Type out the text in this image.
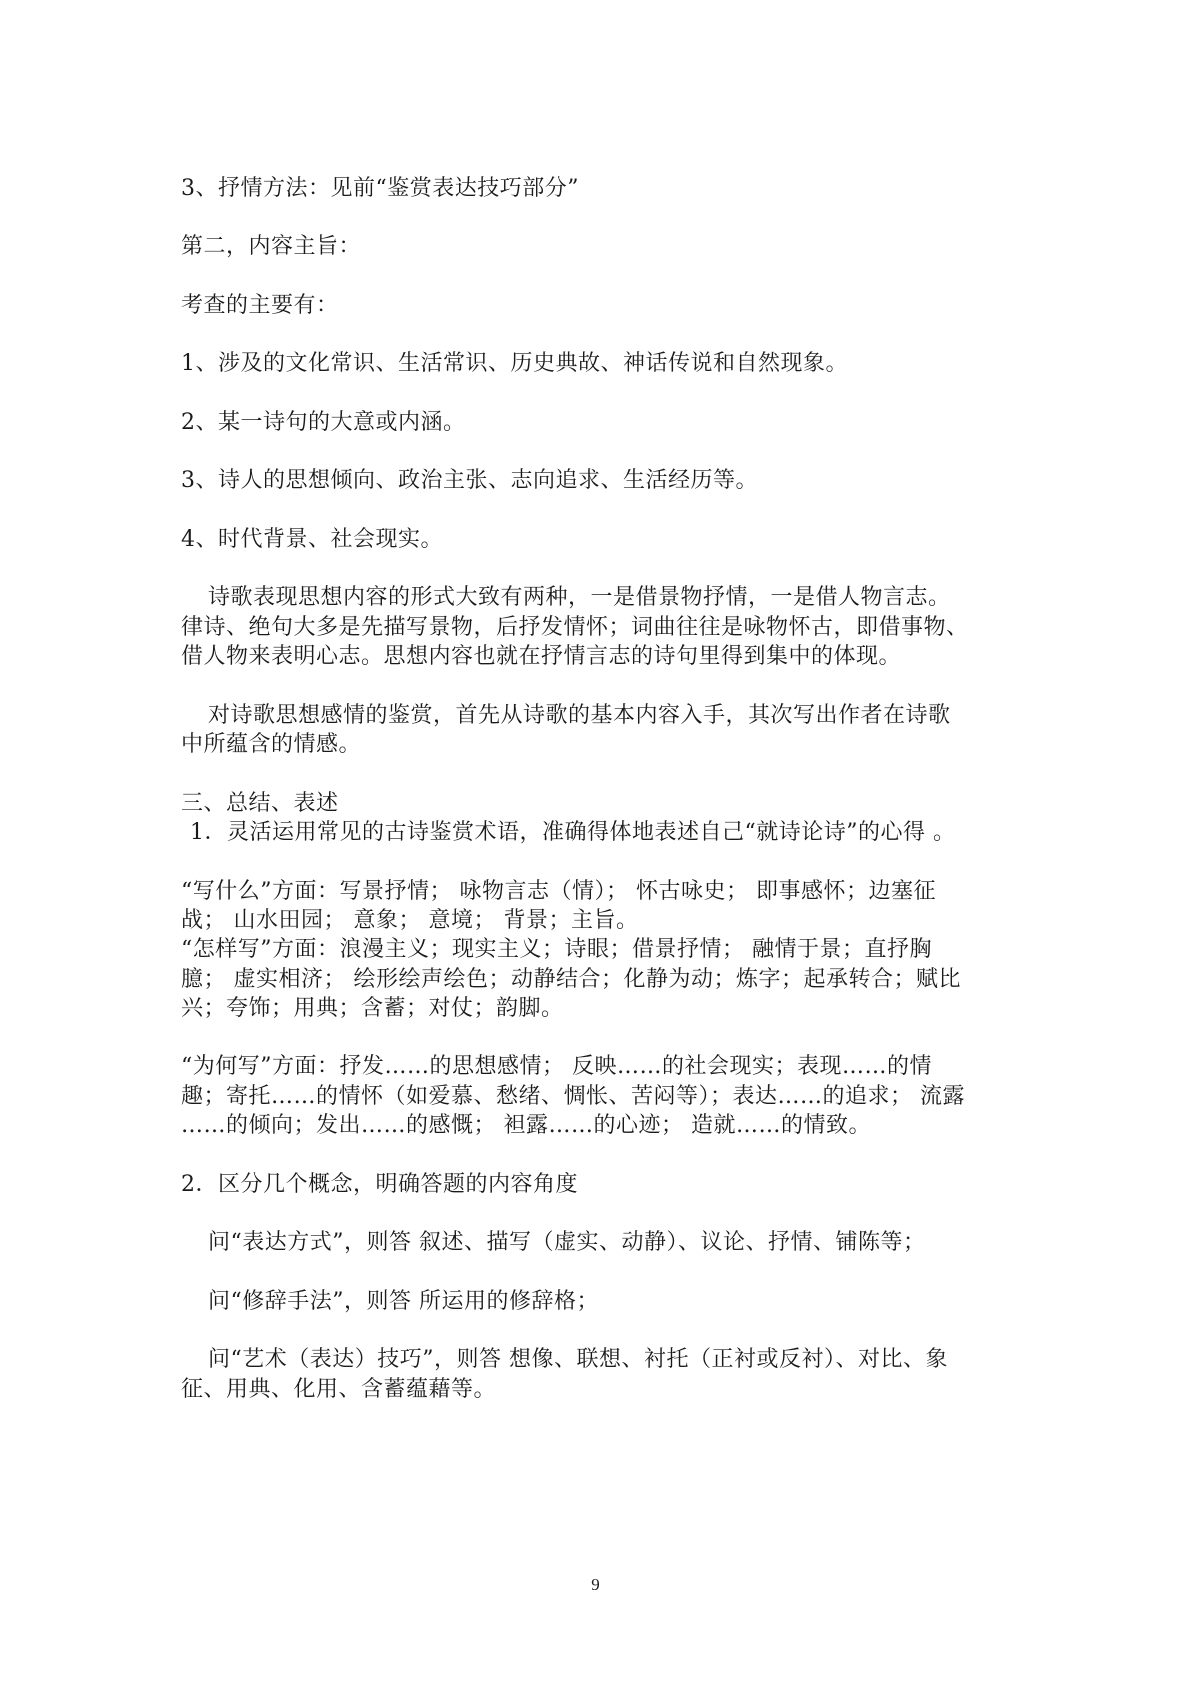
3、抒情方法：见前“鉴赏表达技巧部分”
第二，内容主旨：
考查的主要有：
1、涉及的文化常识、生活常识、历史典故、神话传说和自然现象。
2、某一诗句的大意或内涵。
3、诗人的思想倾向、政治主张、志向追求、生活经历等。
4、时代背景、社会现实。
诗歌表现思想内容的形式大致有两种，一是借景物抒情，一是借人物言志。
律诗、绝句大多是先描写景物，后抒发情怀；词曲往往是咏物怀古，即借事物、
借人物来表明心志。思想内容也就在抒情言志的诗句里得到集中的体现。
对诗歌思想感情的鉴赏，首先从诗歌的基本内容入手，其次写出作者在诗歌
中所蕴含的情感。
三、总结、表述
1．灵活运用常见的古诗鉴赏术语，准确得体地表述自己“就诗论诗”的心得 。
“写什么”方面：写景抒情； 咏物言志（情）； 怀古咏史； 即事感怀；边塞征
战； 山水田园； 意象； 意境； 背景；主旨。
“怎样写”方面：浪漫主义；现实主义；诗眼；借景抒情； 融情于景；直抒胸
臆； 虚实相济； 绘形绘声绘色；动静结合；化静为动；炼字；起承转合；赋比
兴；夸饰；用典；含蓄；对仗；韵脚。
“为何写”方面：抒发……的思想感情； 反映……的社会现实；表现……的情
趣；寄托……的情怀（如爱慕、愁绪、惆怅、苦闷等）；表达……的追求； 流露
……的倾向；发出……的感慨； 袒露……的心迹； 造就……的情致。
2．区分几个概念，明确答题的内容角度
问“表达方式”，则答 叙述、描写（虚实、动静）、议论、抒情、铺陈等；
问“修辞手法”，则答 所运用的修辞格；
问“艺术（表达）技巧”，则答 想像、联想、衬托（正衬或反衬）、对比、象
征、用典、化用、含蓄蕴藉等。
9
